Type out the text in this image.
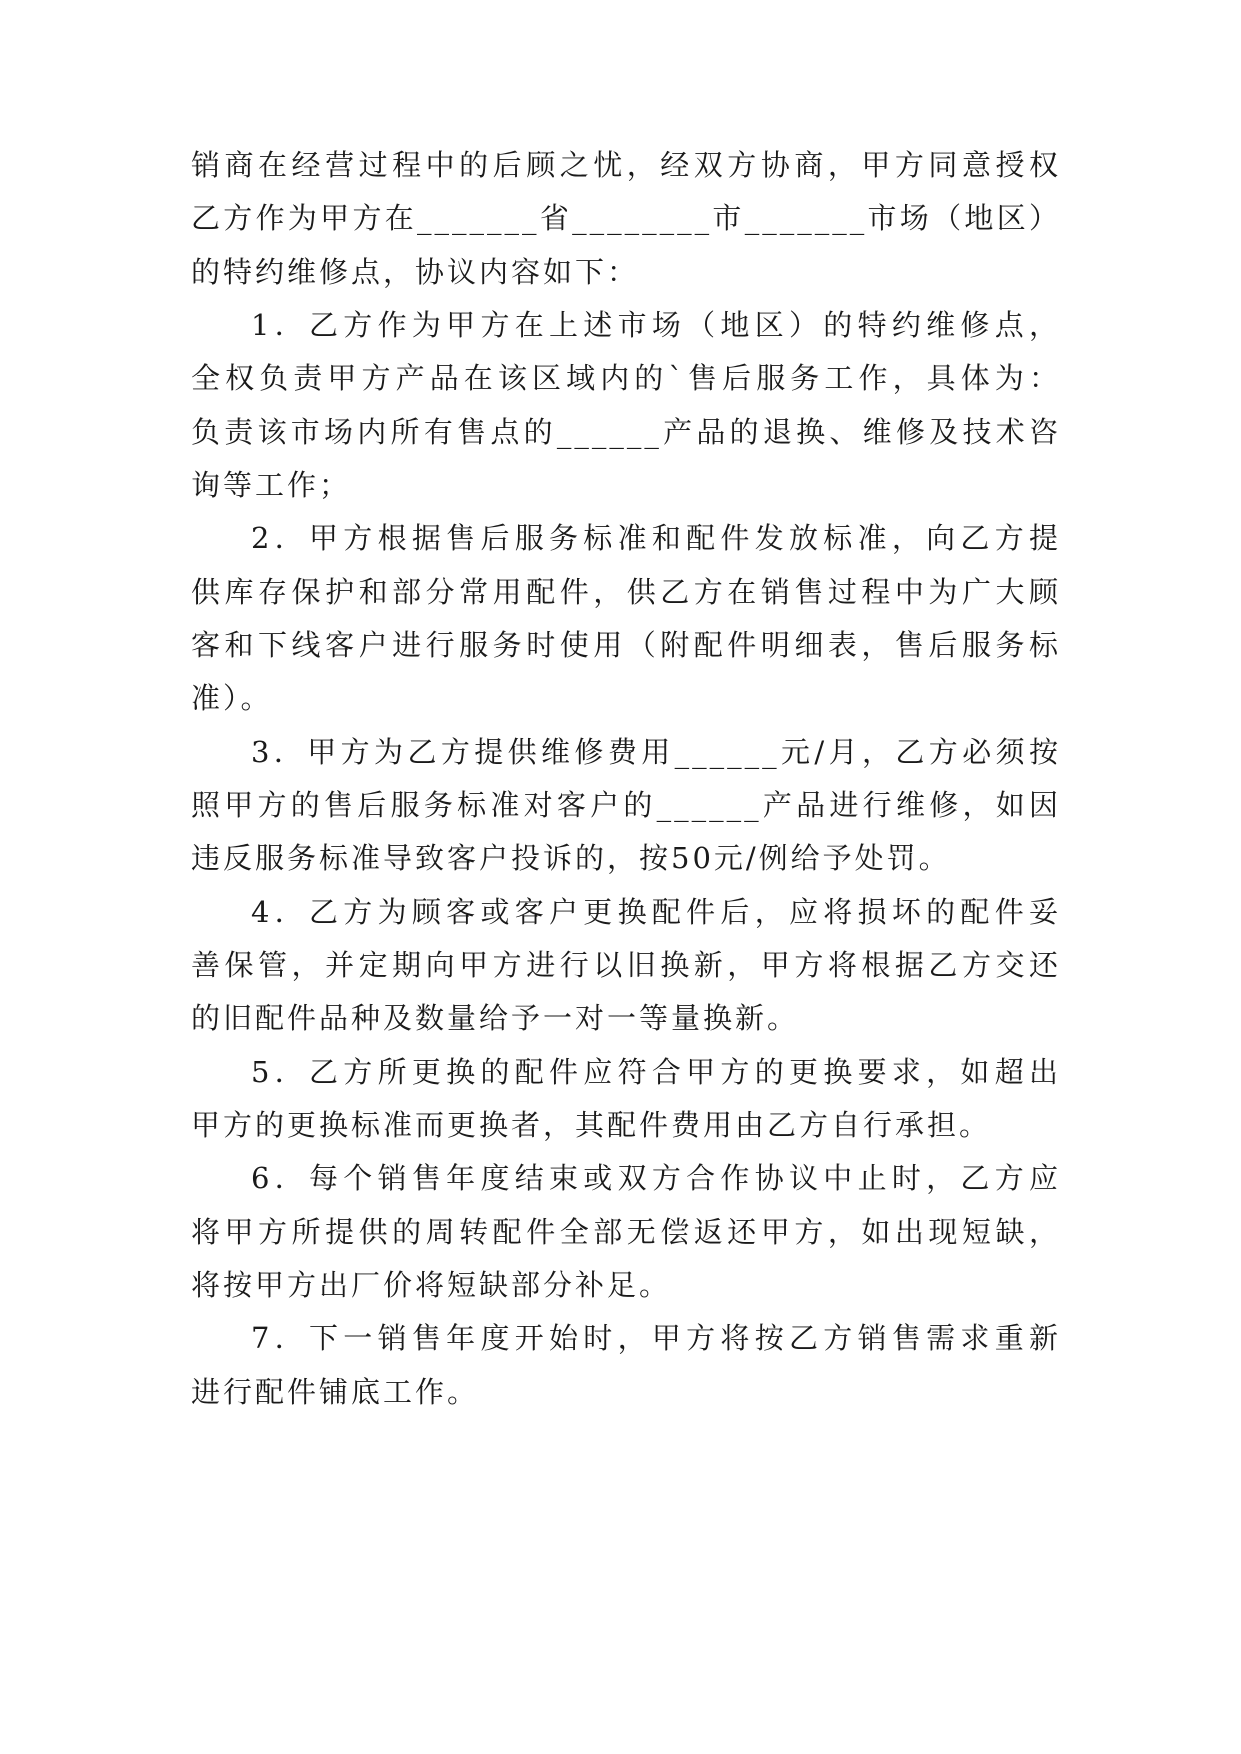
销商在经营过程中的后顾之忧，经双方协商，甲方同意授权
乙方作为甲方在_______省________市_______市场（地区）
的特约维修点，协议内容如下：
1．乙方作为甲方在上述市场（地区）的特约维修点，
全权负责甲方产品在该区域内的`售后服务工作，具体为：
负责该市场内所有售点的______产品的退换、维修及技术咨
询等工作；
2．甲方根据售后服务标准和配件发放标准，向乙方提
供库存保护和部分常用配件，供乙方在销售过程中为广大顾
客和下线客户进行服务时使用（附配件明细表，售后服务标
准）。
3．甲方为乙方提供维修费用______元/月，乙方必须按
照甲方的售后服务标准对客户的______产品进行维修，如因
违反服务标准导致客户投诉的，按50元/例给予处罚。
4．乙方为顾客或客户更换配件后，应将损坏的配件妥
善保管，并定期向甲方进行以旧换新，甲方将根据乙方交还
的旧配件品种及数量给予一对一等量换新。
5．乙方所更换的配件应符合甲方的更换要求，如超出
甲方的更换标准而更换者，其配件费用由乙方自行承担。
6．每个销售年度结束或双方合作协议中止时，乙方应
将甲方所提供的周转配件全部无偿返还甲方，如出现短缺，
将按甲方出厂价将短缺部分补足。
7．下一销售年度开始时，甲方将按乙方销售需求重新
进行配件铺底工作。
